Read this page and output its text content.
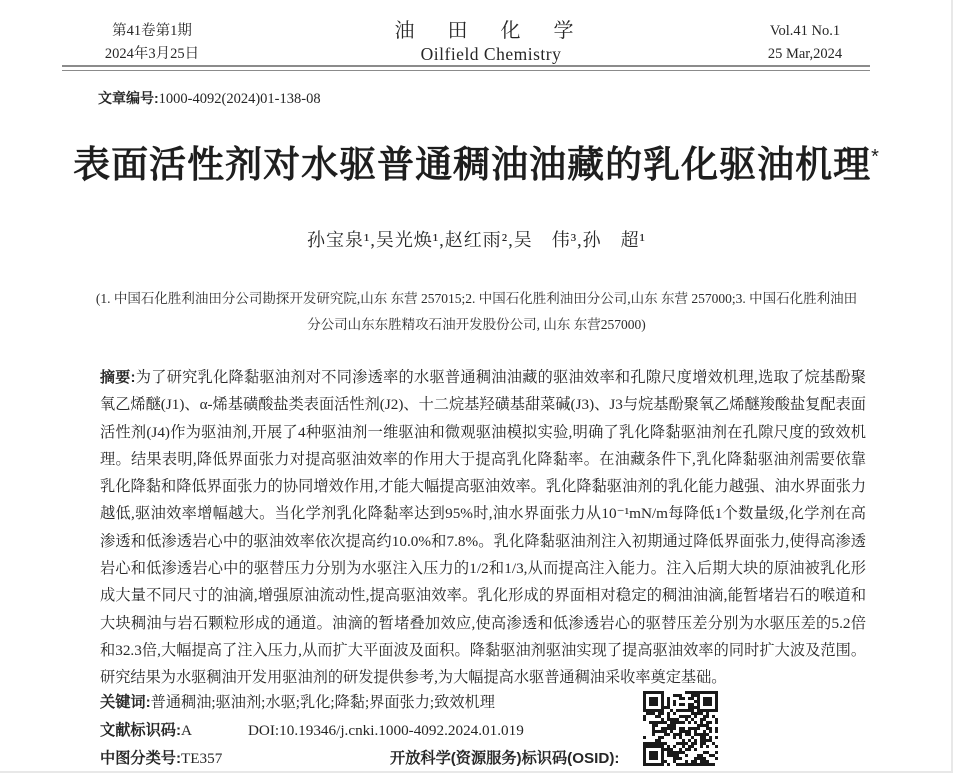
第41卷第1期
2024年3月25日
油 田 化 学
Oilfield Chemistry
Vol.41 No.1
25 Mar,2024
文章编号:1000-4092(2024)01-138-08
表面活性剂对水驱普通稠油油藏的乳化驱油机理*
孙宝泉¹,吴光焕¹,赵红雨²,吴　伟³,孙　超¹
(1. 中国石化胜利油田分公司勘探开发研究院,山东 东营 257015;2. 中国石化胜利油田分公司,山东 东营 257000;3. 中国石化胜利油田
分公司山东东胜精攻石油开发股份公司, 山东 东营257000)
摘要:为了研究乳化降黏驱油剂对不同渗透率的水驱普通稠油油藏的驱油效率和孔隙尺度增效机理,选取了烷基酚聚氧乙烯醚(J1)、α-烯基磺酸盐类表面活性剂(J2)、十二烷基羟磺基甜菜碱(J3)、J3与烷基酚聚氧乙烯醚羧酸盐复配表面活性剂(J4)作为驱油剂,开展了4种驱油剂一维驱油和微观驱油模拟实验,明确了乳化降黏驱油剂在孔隙尺度的致效机理。结果表明,降低界面张力对提高驱油效率的作用大于提高乳化降黏率。在油藏条件下,乳化降黏驱油剂需要依靠乳化降黏和降低界面张力的协同增效作用,才能大幅提高驱油效率。乳化降黏驱油剂的乳化能力越强、油水界面张力越低,驱油效率增幅越大。当化学剂乳化降黏率达到95%时,油水界面张力从10⁻¹mN/m每降低1个数量级,化学剂在高渗透和低渗透岩心中的驱油效率依次提高约10.0%和7.8%。乳化降黏驱油剂注入初期通过降低界面张力,使得高渗透岩心和低渗透岩心中的驱替压力分别为水驱注入压力的1/2和1/3,从而提高注入能力。注入后期大块的原油被乳化形成大量不同尺寸的油滴,增强原油流动性,提高驱油效率。乳化形成的界面相对稳定的稠油油滴,能暂堵岩石的喉道和大块稠油与岩石颗粒形成的通道。油滴的暂堵叠加效应,使高渗透和低渗透岩心的驱替压差分别为水驱压差的5.2倍和32.3倍,大幅提高了注入压力,从而扩大平面波及面积。降黏驱油剂驱油实现了提高驱油效率的同时扩大波及范围。研究结果为水驱稠油开发用驱油剂的研发提供参考,为大幅提高水驱普通稠油采收率奠定基础。
关键词:普通稠油;驱油剂;水驱;乳化;降黏;界面张力;致效机理
文献标识码:A	DOI:10.19346/j.cnki.1000-4092.2024.01.019
中图分类号:TE357	开放科学(资源服务)标识码(OSID):
